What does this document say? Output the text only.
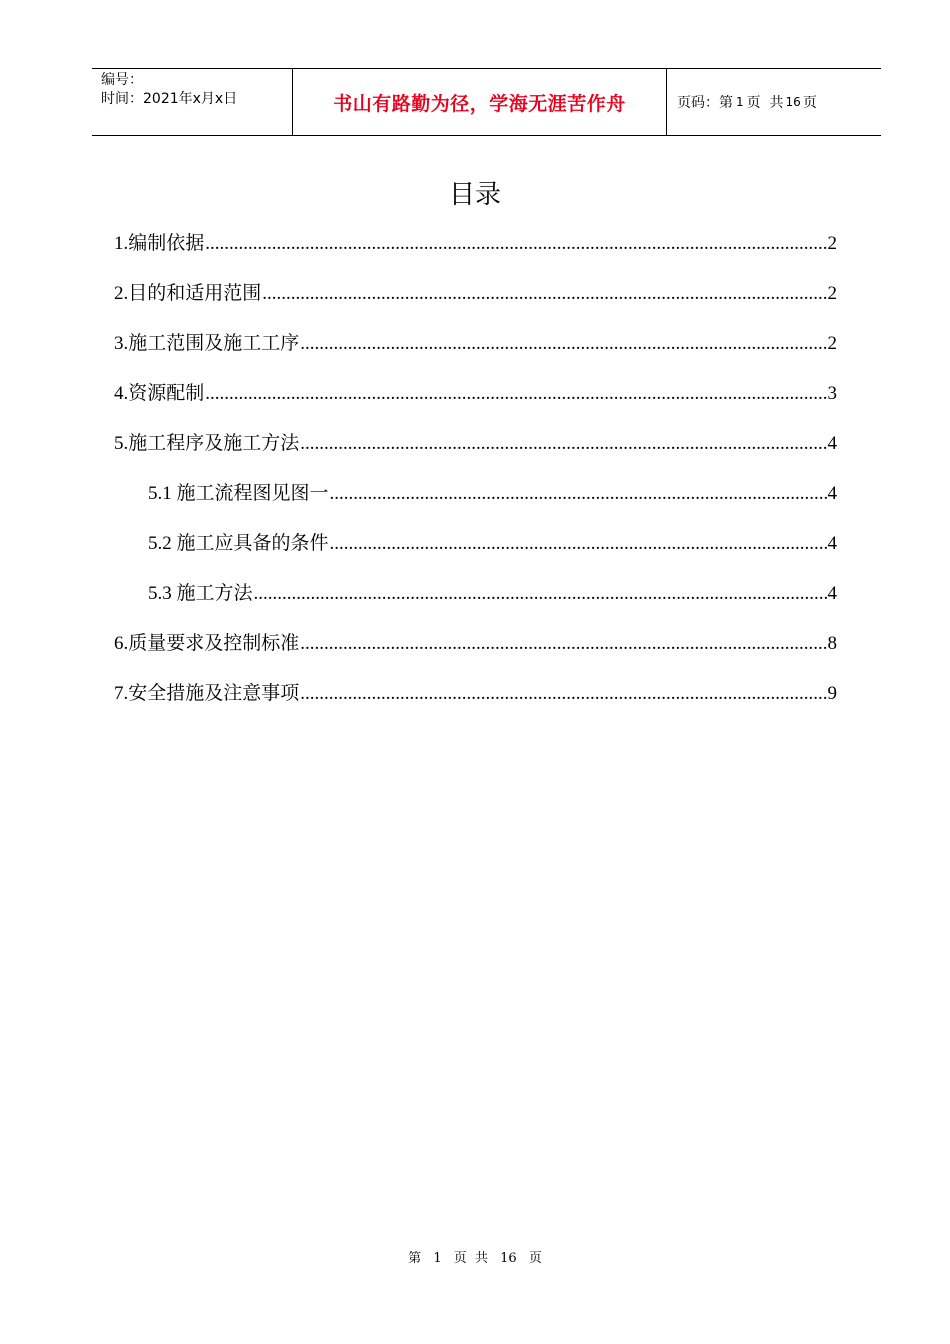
编号：
时间：2021年x月x日	书山有路勤为径，学海无涯苦作舟	页码：第 1 页  共 16 页
目录
1.编制依据 .....	2
2.目的和适用范围 .....	2
3.施工范围及施工工序 .....	2
4.资源配制 .....	3
5.施工程序及施工方法 .....	4
5.1 施工流程图见图一 .....	4
5.2 施工应具备的条件 .....	4
5.3 施工方法 .....	4
6.质量要求及控制标准 .....	8
7.安全措施及注意事项 .....	9
第 1 页  共 16 页
